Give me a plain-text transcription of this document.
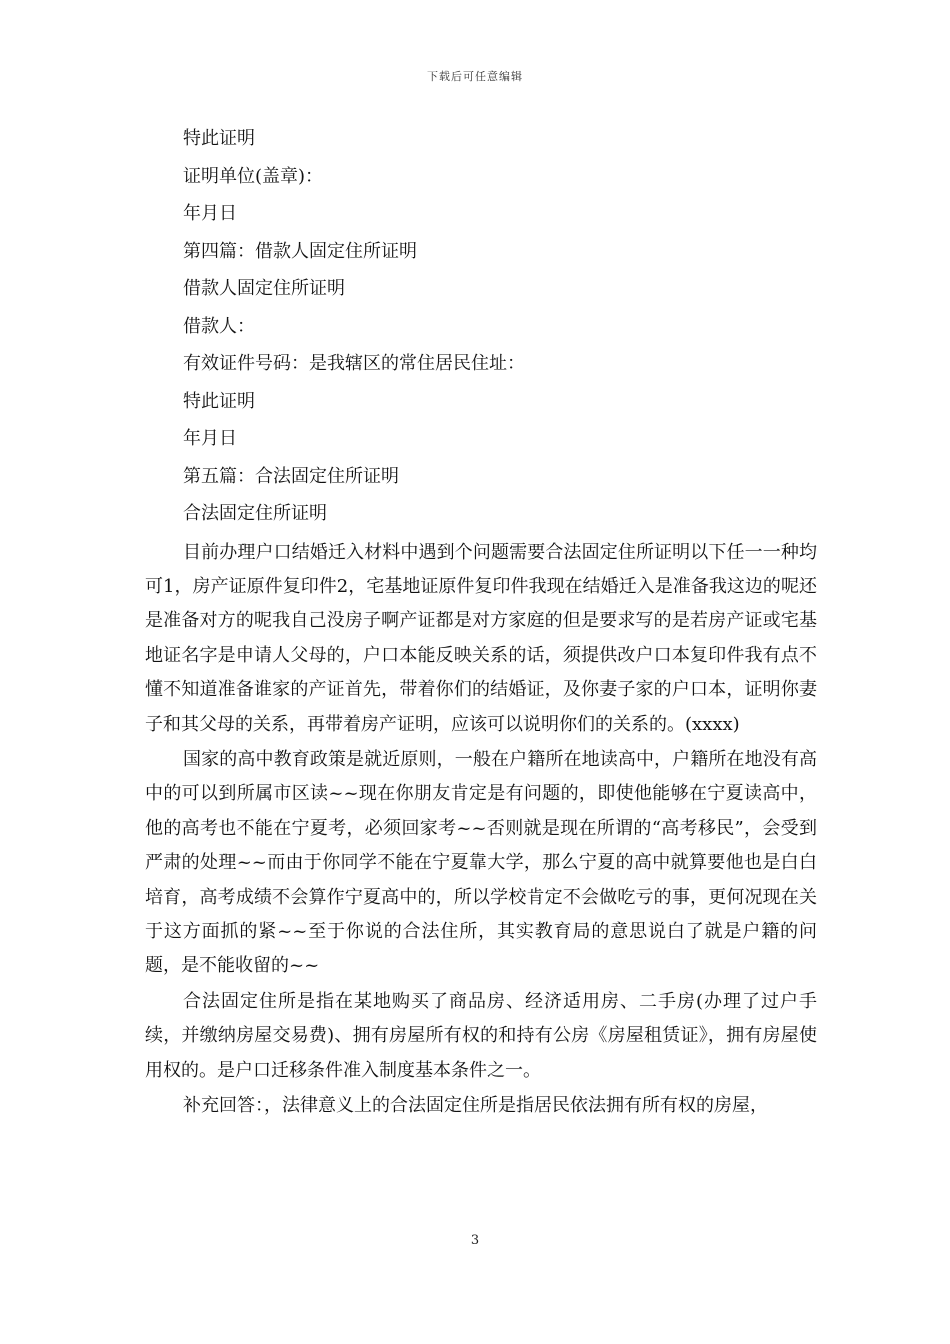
下载后可任意编辑
特此证明
证明单位(盖章)：
年月日
第四篇：借款人固定住所证明
借款人固定住所证明
借款人：
有效证件号码：是我辖区的常住居民住址：
特此证明
年月日
第五篇：合法固定住所证明
合法固定住所证明

目前办理户口结婚迁入材料中遇到个问题需要合法固定住所证明以下任一一种均可1，房产证原件复印件2，宅基地证原件复印件我现在结婚迁入是准备我这边的呢还是准备对方的呢我自己没房子啊产证都是对方家庭的但是要求写的是若房产证或宅基地证名字是申请人父母的，户口本能反映关系的话，须提供改户口本复印件我有点不懂不知道准备谁家的产证首先，带着你们的结婚证，及你妻子家的户口本，证明你妻子和其父母的关系，再带着房产证明，应该可以说明你们的关系的。(xxxx)

国家的高中教育政策是就近原则，一般在户籍所在地读高中，户籍所在地没有高中的可以到所属市区读~~现在你朋友肯定是有问题的，即使他能够在宁夏读高中，他的高考也不能在宁夏考，必须回家考~~否则就是现在所谓的“高考移民”，会受到严肃的处理~~而由于你同学不能在宁夏靠大学，那么宁夏的高中就算要他也是白白培育，高考成绩不会算作宁夏高中的，所以学校肯定不会做吃亏的事，更何况现在关于这方面抓的紧~~至于你说的合法住所，其实教育局的意思说白了就是户籍的问题，是不能收留的~~

合法固定住所是指在某地购买了商品房、经济适用房、二手房(办理了过户手续，并缴纳房屋交易费)、拥有房屋所有权的和持有公房《房屋租赁证》，拥有房屋使用权的。是户口迁移条件准入制度基本条件之一。

补充回答：，法律意义上的合法固定住所是指居民依法拥有所有权的房屋，

3
